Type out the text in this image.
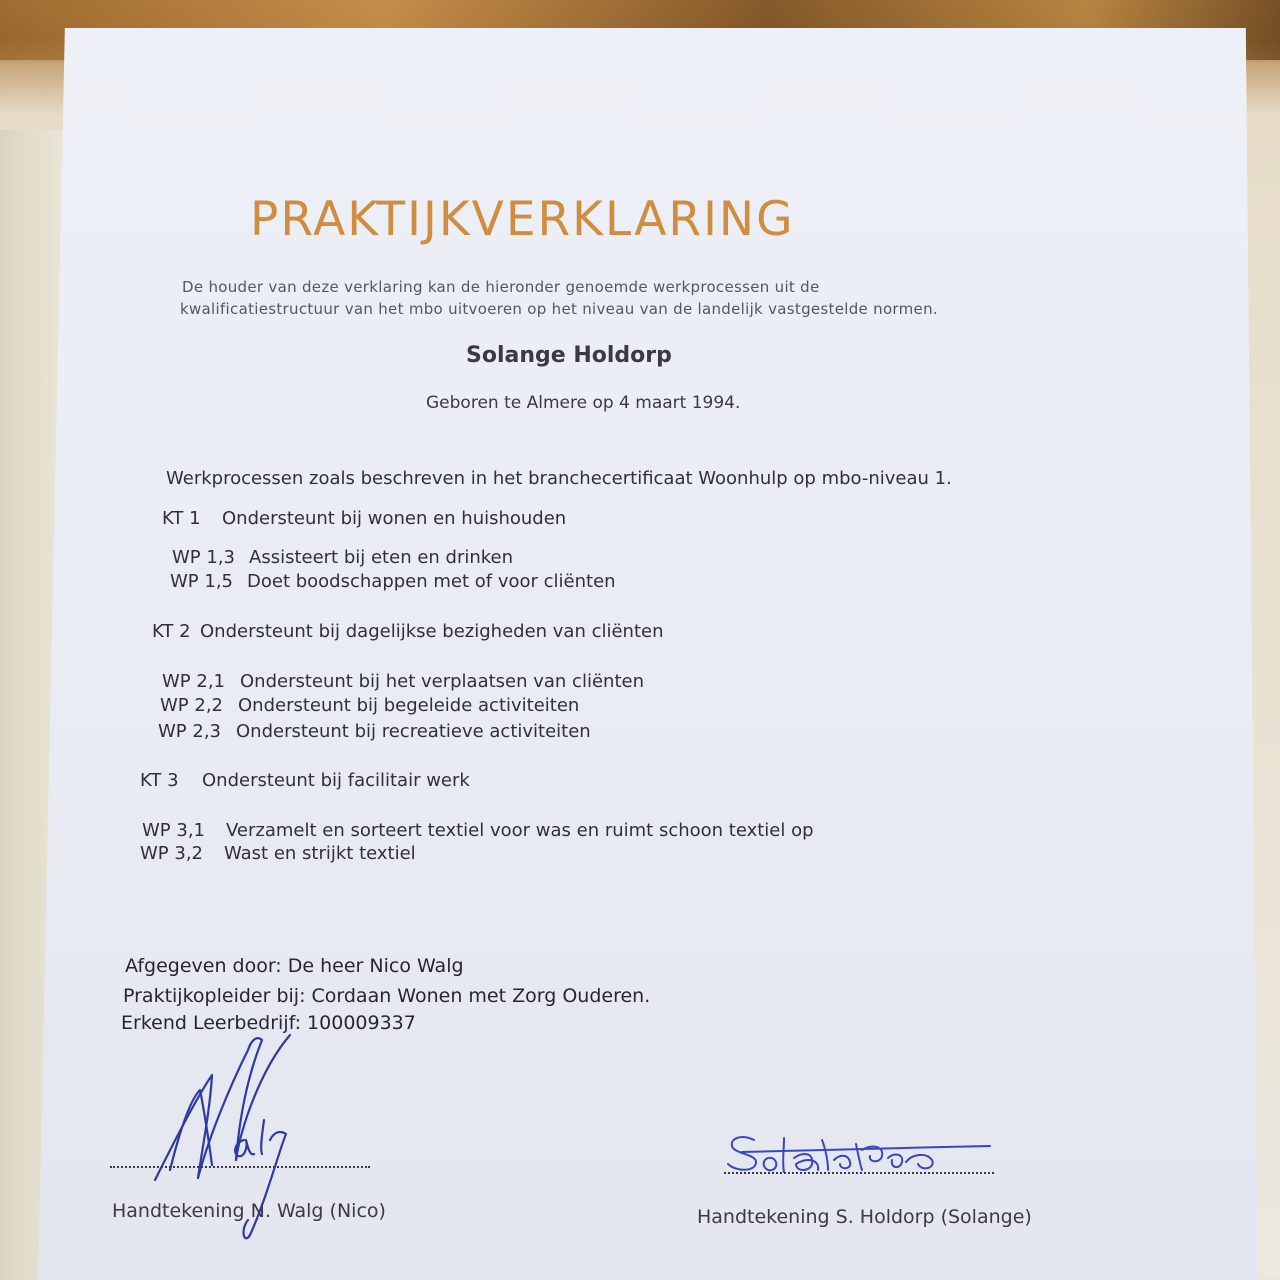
PRAKTIJKVERKLARING
De houder van deze verklaring kan de hieronder genoemde werkprocessen uit de
kwalificatiestructuur van het mbo uitvoeren op het niveau van de landelijk vastgestelde normen.
Solange Holdorp
Geboren te Almere op 4 maart 1994.
Werkprocessen zoals beschreven in het branchecertificaat Woonhulp op mbo-niveau 1.
KT 1 Ondersteunt bij wonen en huishouden
WP 1,3 Assisteert bij eten en drinken
WP 1,5 Doet boodschappen met of voor cliënten
KT 2 Ondersteunt bij dagelijkse bezigheden van cliënten
WP 2,1 Ondersteunt bij het verplaatsen van cliënten
WP 2,2 Ondersteunt bij begeleide activiteiten
WP 2,3 Ondersteunt bij recreatieve activiteiten
KT 3 Ondersteunt bij facilitair werk
WP 3,1 Verzamelt en sorteert textiel voor was en ruimt schoon textiel op
WP 3,2 Wast en strijkt textiel
Afgegeven door: De heer Nico Walg
Praktijkopleider bij: Cordaan Wonen met Zorg Ouderen.
Erkend Leerbedrijf: 100009337
Handtekening N. Walg (Nico)	Handtekening S. Holdorp (Solange)
